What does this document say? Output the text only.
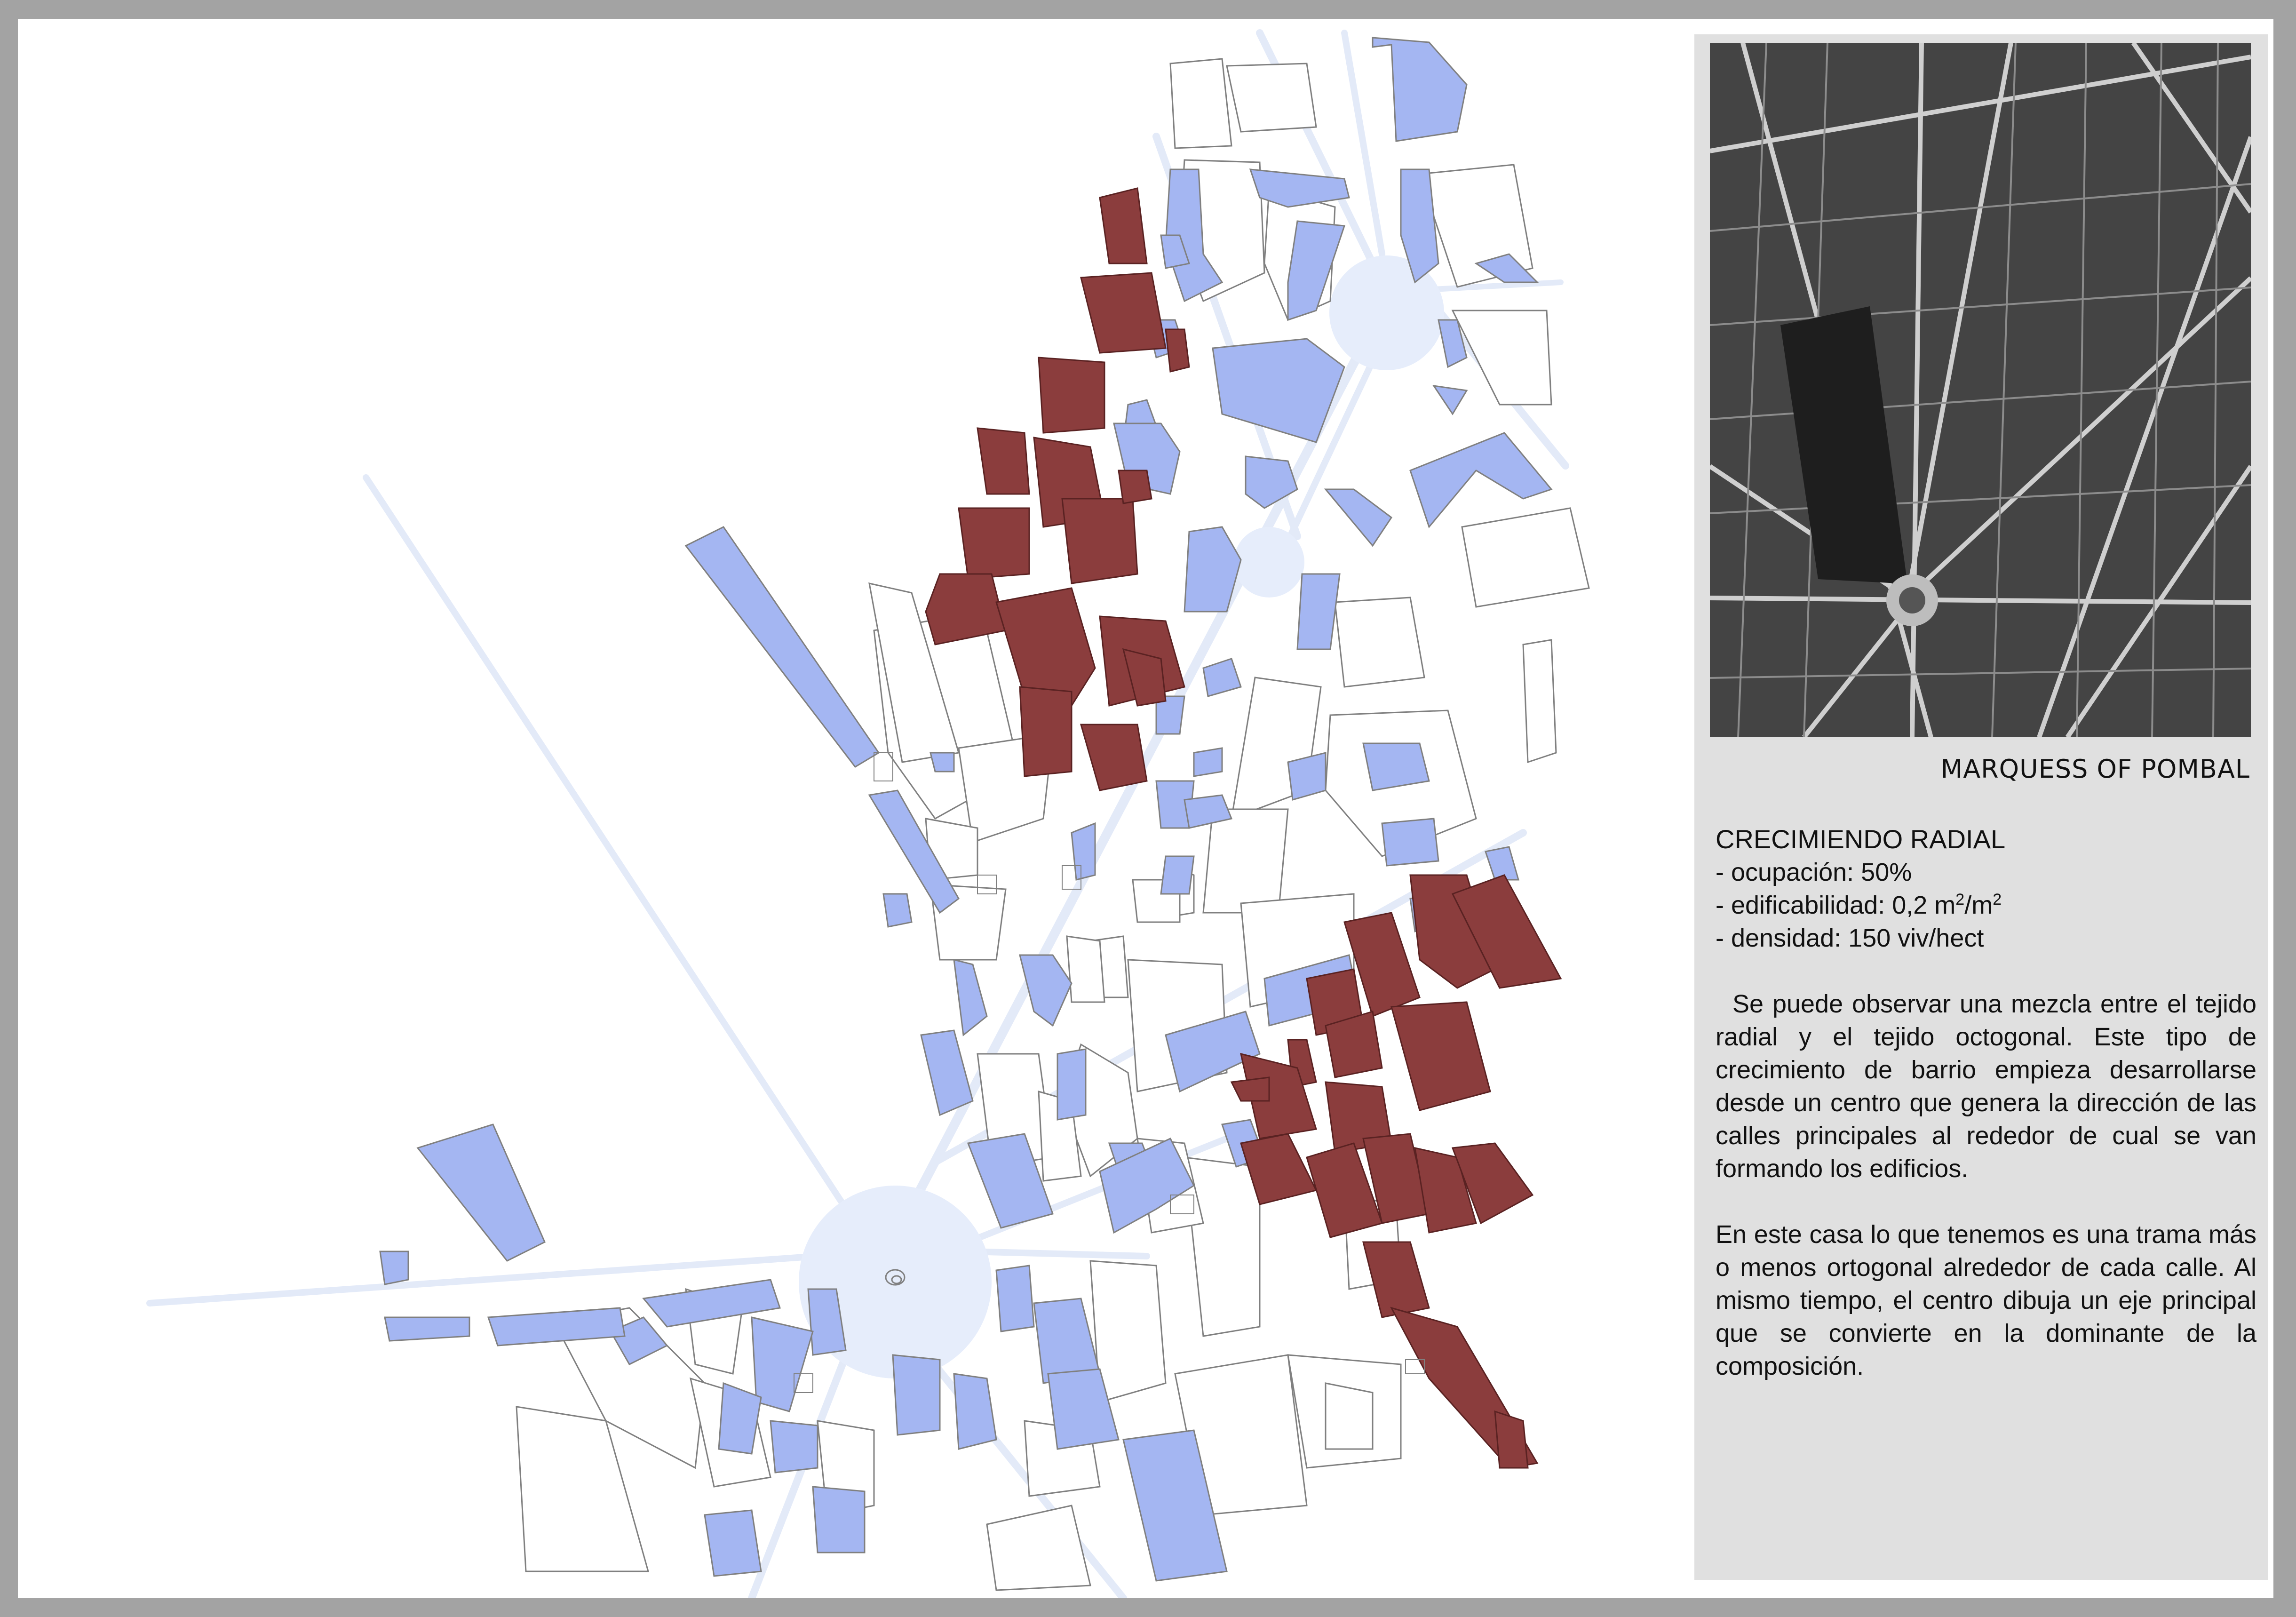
MARQUESS OF POMBAL
CRECIMIENDO RADIAL
- ocupación: 50%
- edificabilidad: 0,2 $m^2/m^2$
- densidad: 150 viv/hect

Se puede observar una mezcla entre el tejido radial y el tejido octogonal. Este tipo de crecimiento de barrio empieza desarrollarse desde un centro que genera la dirección de las calles principales al rededor de cual se van formando los edificios.

En este casa lo que tenemos es una trama más o menos ortogonal alrededor de cada calle. Al mismo tiempo, el centro dibuja un eje principal que se convierte en la dominante de la composición.
